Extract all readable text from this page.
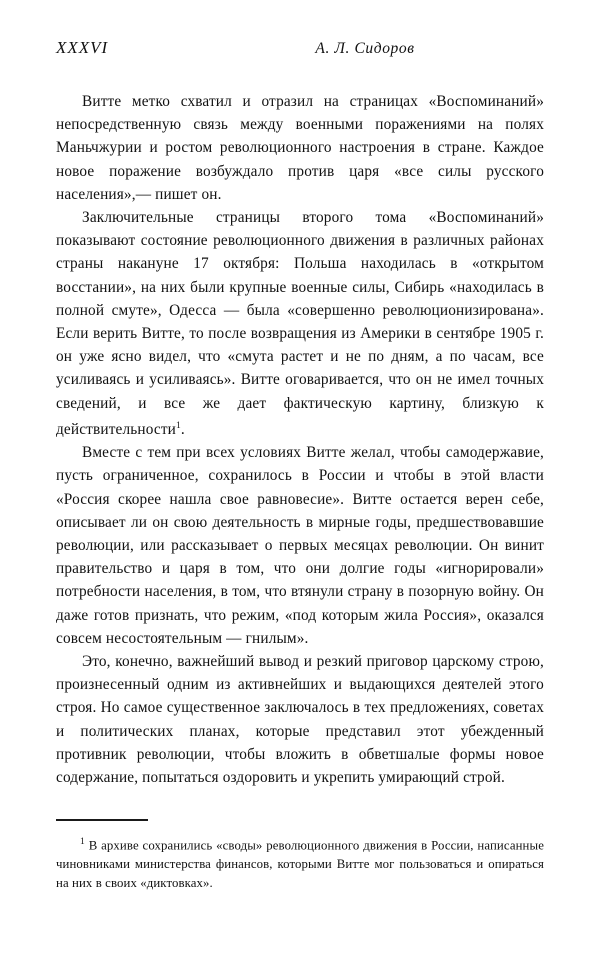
XXXVI	А. Л. Сидоров

Витте метко схватил и отразил на страницах «Воспоминаний» непосредственную связь между военными поражениями на полях Маньчжурии и ростом революционного настроения в стране. Каждое новое поражение возбуждало против царя «все силы русского населения»,— пишет он.

Заключительные страницы второго тома «Воспоминаний» показывают состояние революционного движения в различных районах страны накануне 17 октября: Польша находилась в «открытом восстании», на них были крупные военные силы, Сибирь «находилась в полной смуте», Одесса — была «совершенно революционизирована». Если верить Витте, то после возвращения из Америки в сентябре 1905 г. он уже ясно видел, что «смута растет и не по дням, а по часам, все усиливаясь и усиливаясь». Витте оговаривается, что он не имел точных сведений, и все же дает фактическую картину, близкую к действительности$^1$.

Вместе с тем при всех условиях Витте желал, чтобы самодержавие, пусть ограниченное, сохранилось в России и чтобы в этой власти «Россия скорее нашла свое равновесие». Витте остается верен себе, описывает ли он свою деятельность в мирные годы, предшествовавшие революции, или рассказывает о первых месяцах революции. Он винит правительство и царя в том, что они долгие годы «игнорировали» потребности населения, в том, что втянули страну в позорную войну. Он даже готов признать, что режим, «под которым жила Россия», оказался совсем несостоятельным — гнилым».

Это, конечно, важнейший вывод и резкий приговор царскому строю, произнесенный одним из активнейших и выдающихся деятелей этого строя. Но самое существенное заключалось в тех предложениях, советах и политических планах, которые представил этот убежденный противник революции, чтобы вложить в обветшалые формы новое содержание, попытаться оздоровить и укрепить умирающий строй.

$^1$ В архиве сохранились «своды» революционного движения в России, написанные чиновниками министерства финансов, которыми Витте мог пользоваться и опираться на них в своих «диктовках».
